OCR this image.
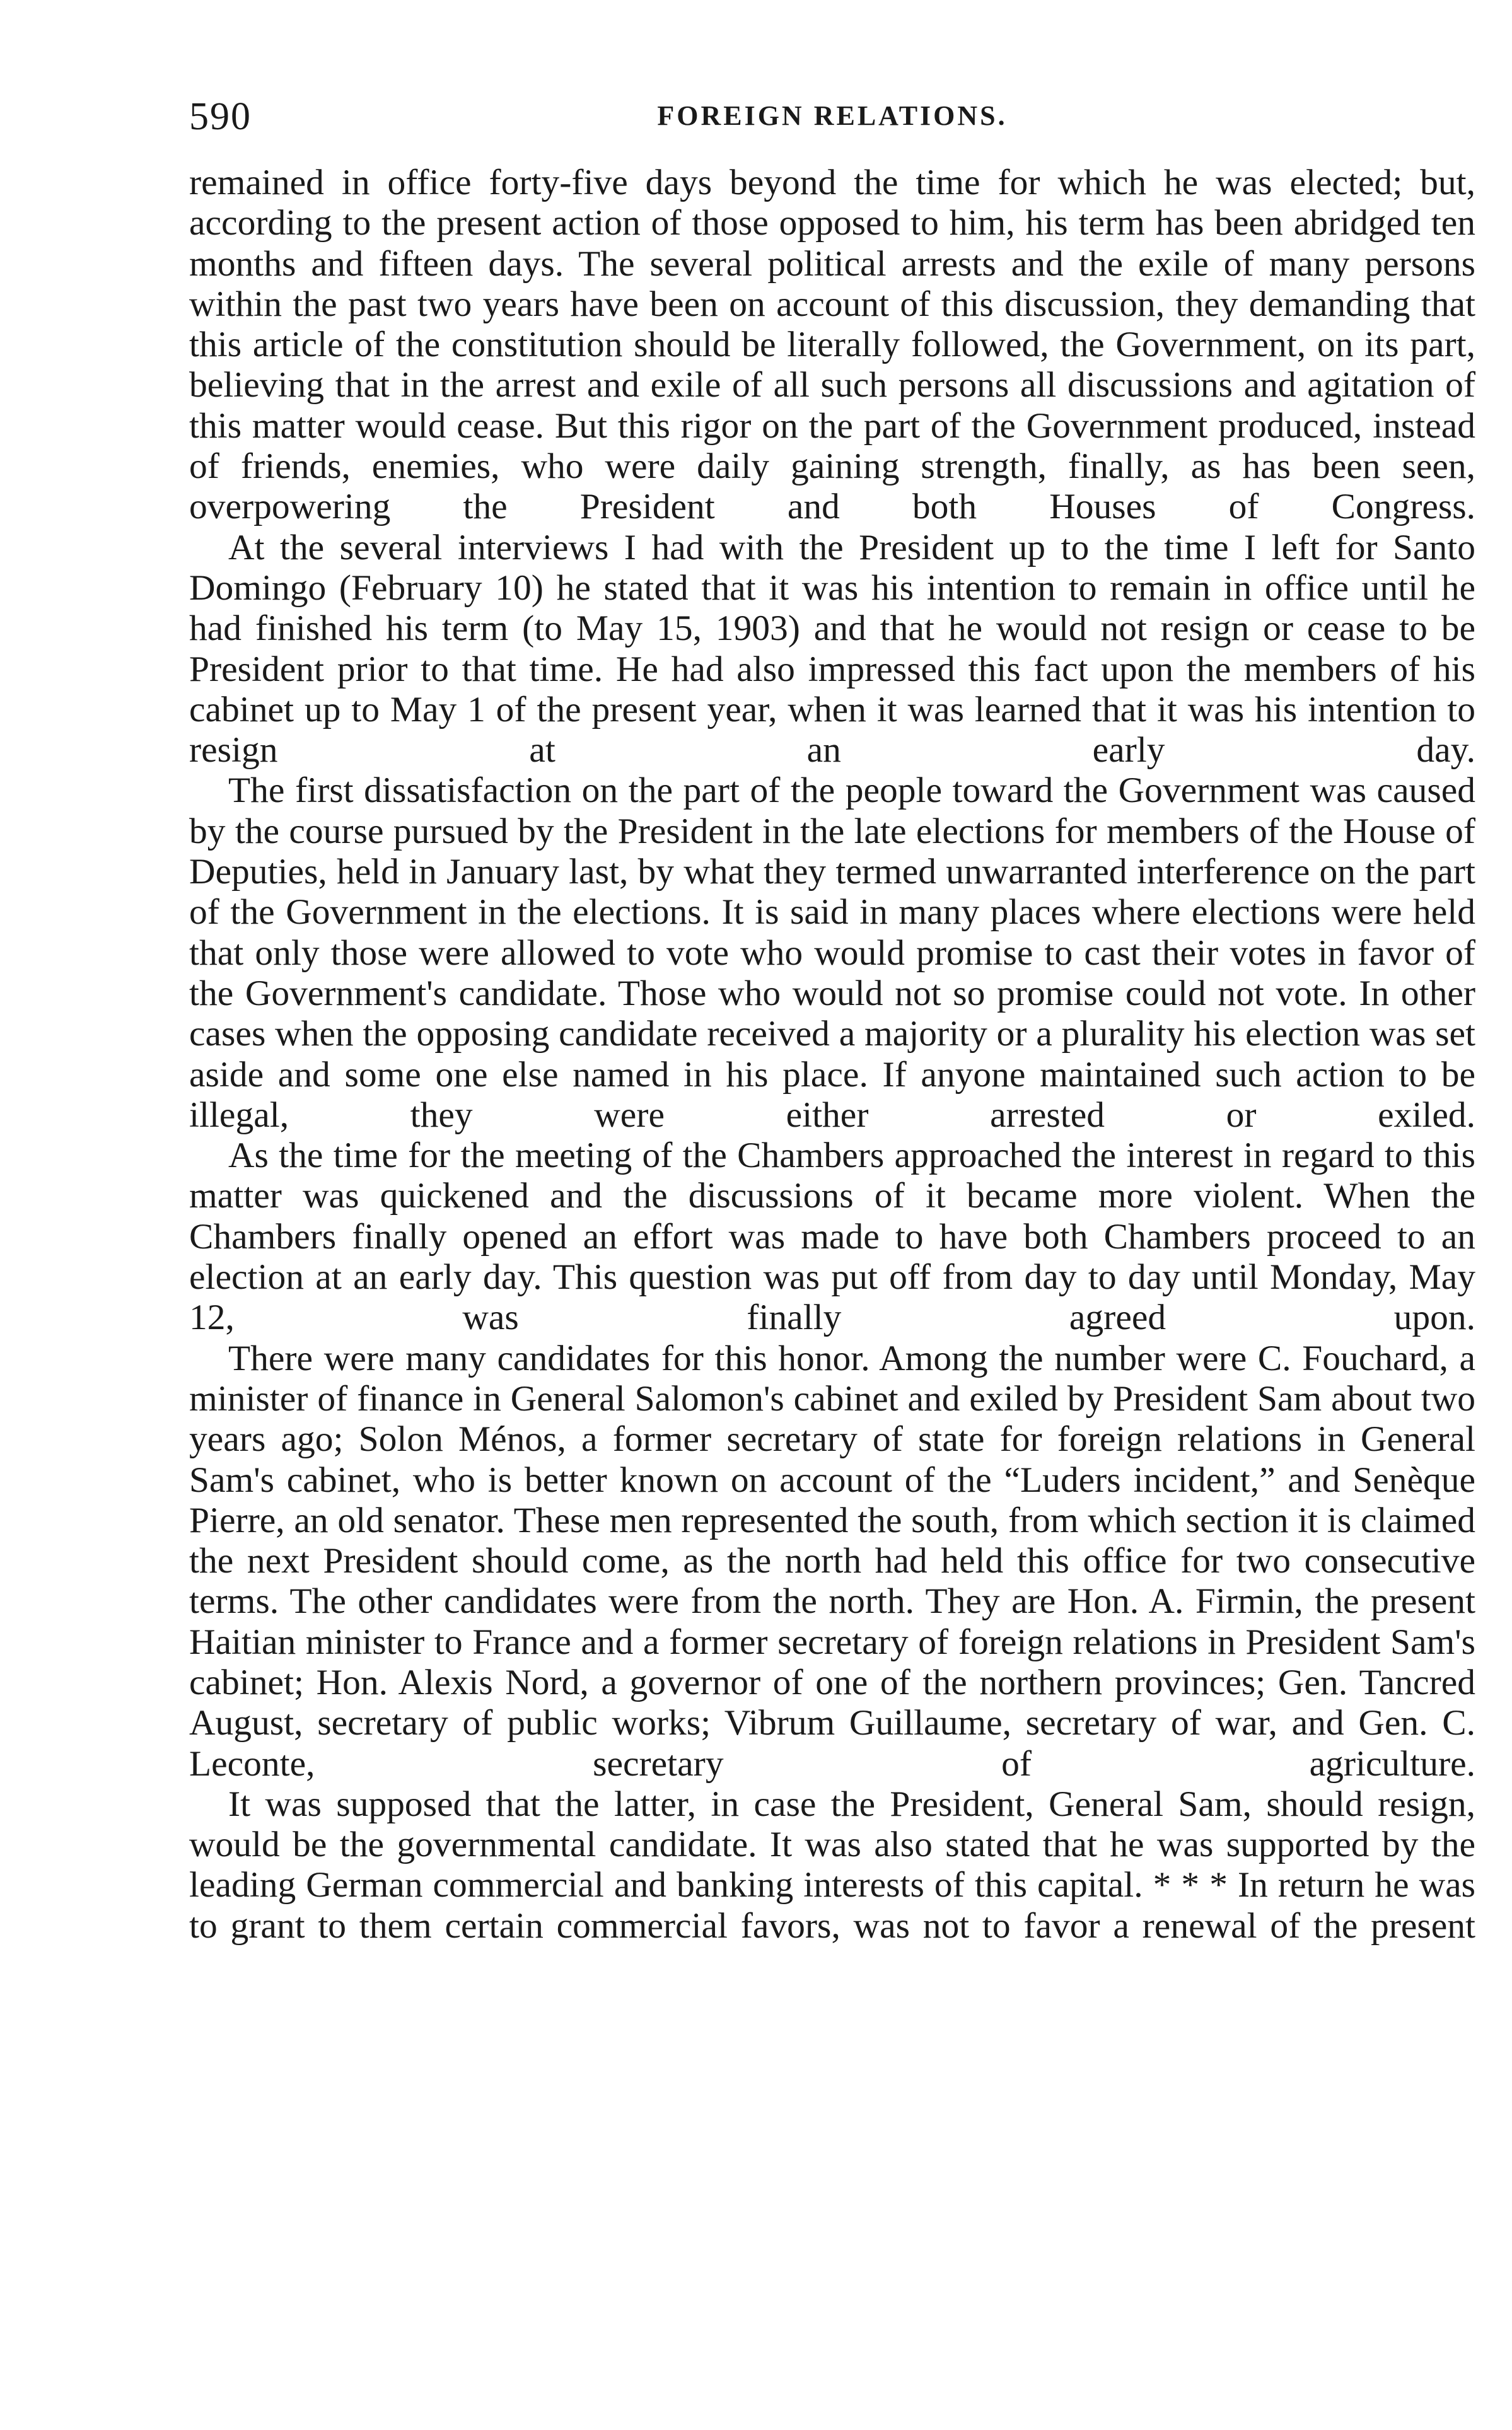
590	FOREIGN RELATIONS.

remained in office forty-five days beyond the time for which he was elected; but, according to the present action of those opposed to him, his term has been abridged ten months and fifteen days. The several political arrests and the exile of many persons within the past two years have been on account of this discussion, they demanding that this article of the constitution should be literally followed, the Government, on its part, believing that in the arrest and exile of all such persons all discussions and agitation of this matter would cease. But this rigor on the part of the Government produced, instead of friends, enemies, who were daily gaining strength, finally, as has been seen, overpowering the President and both Houses of Congress.

At the several interviews I had with the President up to the time I left for Santo Domingo (February 10) he stated that it was his intention to remain in office until he had finished his term (to May 15, 1903) and that he would not resign or cease to be President prior to that time. He had also impressed this fact upon the members of his cabinet up to May 1 of the present year, when it was learned that it was his intention to resign at an early day.

The first dissatisfaction on the part of the people toward the Government was caused by the course pursued by the President in the late elections for members of the House of Deputies, held in January last, by what they termed unwarranted interference on the part of the Government in the elections. It is said in many places where elections were held that only those were allowed to vote who would promise to cast their votes in favor of the Government's candidate. Those who would not so promise could not vote. In other cases when the opposing candidate received a majority or a plurality his election was set aside and some one else named in his place. If anyone maintained such action to be illegal, they were either arrested or exiled.

As the time for the meeting of the Chambers approached the interest in regard to this matter was quickened and the discussions of it became more violent. When the Chambers finally opened an effort was made to have both Chambers proceed to an election at an early day. This question was put off from day to day until Monday, May 12, was finally agreed upon.

There were many candidates for this honor. Among the number were C. Fouchard, a minister of finance in General Salomon's cabinet and exiled by President Sam about two years ago; Solon Ménos, a former secretary of state for foreign relations in General Sam's cabinet, who is better known on account of the “Luders incident,” and Senèque Pierre, an old senator. These men represented the south, from which section it is claimed the next President should come, as the north had held this office for two consecutive terms. The other candidates were from the north. They are Hon. A. Firmin, the present Haitian minister to France and a former secretary of foreign relations in President Sam's cabinet; Hon. Alexis Nord, a governor of one of the northern provinces; Gen. Tancred August, secretary of public works; Vibrum Guillaume, secretary of war, and Gen. C. Leconte, secretary of agriculture.

It was supposed that the latter, in case the President, General Sam, should resign, would be the governmental candidate. It was also stated that he was supported by the leading German commercial and banking interests of this capital. * * * In return he was to grant to them certain commercial favors, was not to favor a renewal of the present
